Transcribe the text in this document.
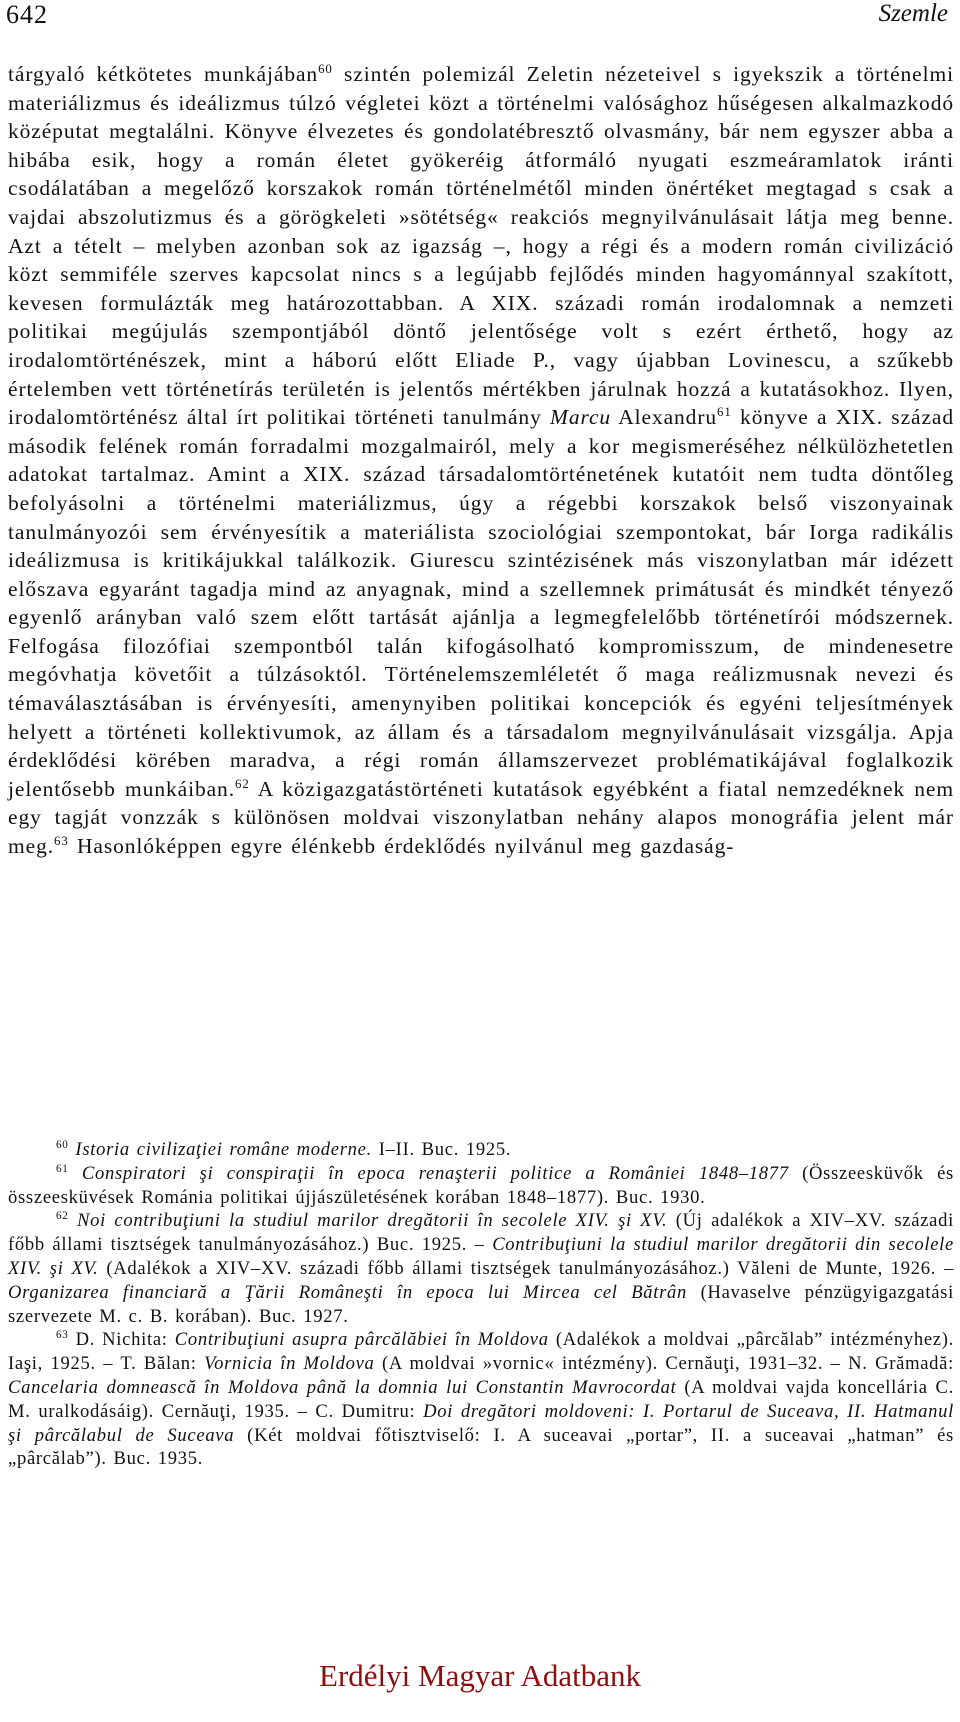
642	Szemle

tárgyaló kétkötetes munkájában$^{60}$ szintén polemizál Zeletin nézeteivel s igyekszik a történelmi materiálizmus és ideálizmus túlzó végletei közt a történelmi valósághoz hűségesen alkalmazkodó középutat megtalálni. Könyve élvezetes és gondolatébresztő olvasmány, bár nem egyszer abba a hibába esik, hogy a román életet gyökeréig átformáló nyugati eszmeáramlatok iránti csodálatában a megelőző korszakok román történelmétől minden önértéket megtagad s csak a vajdai abszolutizmus és a görögkeleti »sötétség« reakciós megnyilvánulásait látja meg benne. Azt a tételt – melyben azonban sok az igazság –, hogy a régi és a modern román civilizáció közt semmiféle szerves kapcsolat nincs s a legújabb fejlődés minden hagyománnyal szakított, kevesen formulázták meg határozottabban. A XIX. századi román irodalomnak a nemzeti politikai megújulás szempontjából döntő jelentősége volt s ezért érthető, hogy az irodalomtörténészek, mint a háború előtt Eliade P., vagy újabban Lovinescu, a szűkebb értelemben vett történetírás területén is jelentős mértékben járulnak hozzá a kutatásokhoz. Ilyen, irodalomtörténész által írt politikai történeti tanulmány Marcu Alexandru$^{61}$ könyve a XIX. század második felének román forradalmi mozgalmairól, mely a kor megismeréséhez nélkülözhetetlen adatokat tartalmaz. Amint a XIX. század társadalomtörténetének kutatóit nem tudta döntőleg befolyásolni a történelmi materiálizmus, úgy a régebbi korszakok belső viszonyainak tanulmányozói sem érvényesítik a materiálista szociológiai szempontokat, bár Iorga radikális ideálizmusa is kritikájukkal találkozik. Giurescu szintézisének más viszonylatban már idézett előszava egyaránt tagadja mind az anyagnak, mind a szellemnek primátusát és mindkét tényező egyenlő arányban való szem előtt tartását ajánlja a legmegfelelőbb történetírói módszernek. Felfogása filozófiai szempontból talán kifogásolható kompromisszum, de mindenesetre megóvhatja követőit a túlzásoktól. Történelemszemléletét ő maga reálizmusnak nevezi és témaválasztásában is érvényesíti, amenynyiben politikai koncepciók és egyéni teljesítmények helyett a történeti kollektivumok, az állam és a társadalom megnyilvánulásait vizsgálja. Apja érdeklődési körében maradva, a régi román államszervezet problématikájával foglalkozik jelentősebb munkáiban.$^{62}$ A közigazgatástörténeti kutatások egyébként a fiatal nemzedéknek nem egy tagját vonzzák s különösen moldvai viszonylatban nehány alapos monográfia jelent már meg.$^{63}$ Hasonlóképpen egyre élénkebb érdeklődés nyilvánul meg gazdaság-

$^{60}$ Istoria civilizaţiei române moderne. I–II. Buc. 1925.

$^{61}$ Conspiratori şi conspiraţii în epoca renaşterii politice a României 1848–1877 (Összeesküvők és összeesküvések Románia politikai újjászületésének korában 1848–1877). Buc. 1930.

$^{62}$ Noi contribuţiuni la studiul marilor dregătorii în secolele XIV. şi XV. (Új adalékok a XIV–XV. századi főbb állami tisztségek tanulmányozásához.) Buc. 1925. – Contribuţiuni la studiul marilor dregătorii din secolele XIV. şi XV. (Adalékok a XIV–XV. századi főbb állami tisztségek tanulmányozásához.) Văleni de Munte, 1926. – Organizarea financiară a Ţării Româneşti în epoca lui Mircea cel Bătrân (Havaselve pénzügyigazgatási szervezete M. c. B. korában). Buc. 1927.

$^{63}$ D. Nichita: Contribuţiuni asupra pârcălăbiei în Moldova (Adalékok a moldvai „pârcălab” intézményhez). Iaşi, 1925. – T. Bălan: Vornicia în Moldova (A moldvai »vornic« intézmény). Cernăuţi, 1931–32. – N. Grămadă: Cancelaria domnească în Moldova până la domnia lui Constantin Mavrocordat (A moldvai vajda koncellária C. M. uralkodásáig). Cernăuţi, 1935. – C. Dumitru: Doi dregători moldoveni: I. Portarul de Suceava, II. Hatmanul şi pârcălabul de Suceava (Két moldvai főtisztviselő: I. A suceavai „portar”, II. a suceavai „hatman” és „pârcălab”). Buc. 1935.

Erdélyi Magyar Adatbank
